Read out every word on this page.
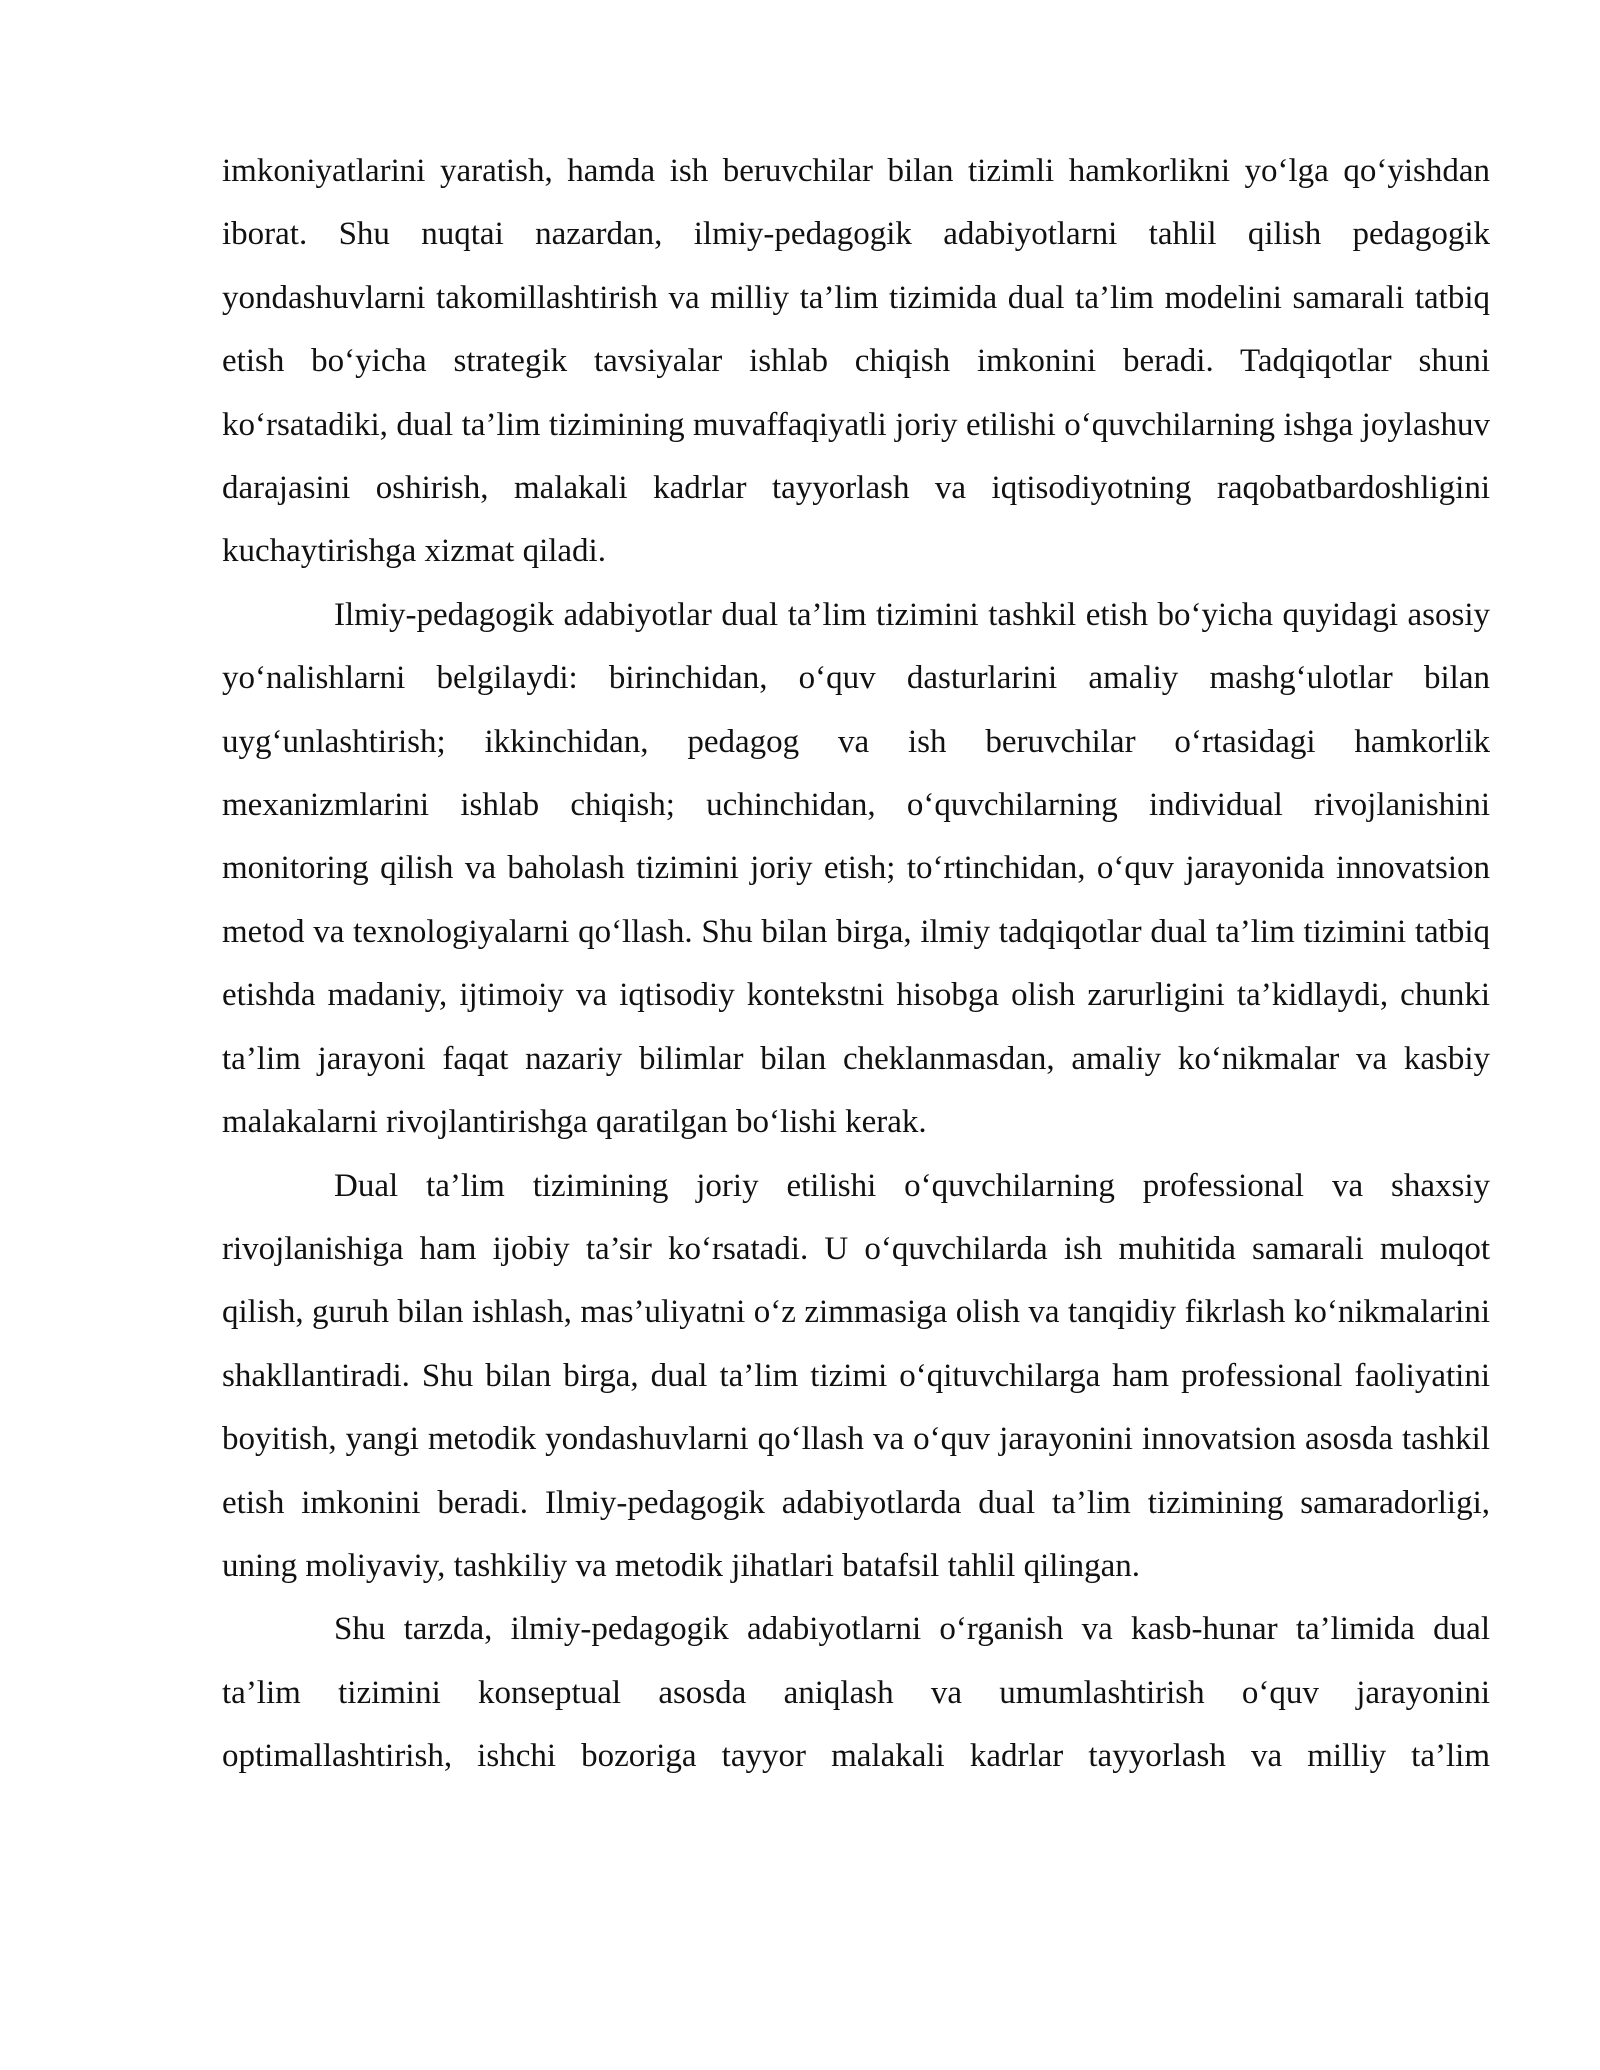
imkoniyatlarini yaratish, hamda ish beruvchilar bilan tizimli hamkorlikni yo‘lga qo‘yishdan iborat. Shu nuqtai nazardan, ilmiy-pedagogik adabiyotlarni tahlil qilish pedagogik yondashuvlarni takomillashtirish va milliy ta’lim tizimida dual ta’lim modelini samarali tatbiq etish bo‘yicha strategik tavsiyalar ishlab chiqish imkonini beradi. Tadqiqotlar shuni ko‘rsatadiki, dual ta’lim tizimining muvaffaqiyatli joriy etilishi o‘quvchilarning ishga joylashuv darajasini oshirish, malakali kadrlar tayyorlash va iqtisodiyotning raqobatbardoshligini kuchaytirishga xizmat qiladi.

Ilmiy-pedagogik adabiyotlar dual ta’lim tizimini tashkil etish bo‘yicha quyidagi asosiy yo‘nalishlarni belgilaydi: birinchidan, o‘quv dasturlarini amaliy mashg‘ulotlar bilan uyg‘unlashtirish; ikkinchidan, pedagog va ish beruvchilar o‘rtasidagi hamkorlik mexanizmlarini ishlab chiqish; uchinchidan, o‘quvchilarning individual rivojlanishini monitoring qilish va baholash tizimini joriy etish; to‘rtinchidan, o‘quv jarayonida innovatsion metod va texnologiyalarni qo‘llash. Shu bilan birga, ilmiy tadqiqotlar dual ta’lim tizimini tatbiq etishda madaniy, ijtimoiy va iqtisodiy kontekstni hisobga olish zarurligini ta’kidlaydi, chunki ta’lim jarayoni faqat nazariy bilimlar bilan cheklanmasdan, amaliy ko‘nikmalar va kasbiy malakalarni rivojlantirishga qaratilgan bo‘lishi kerak.

Dual ta’lim tizimining joriy etilishi o‘quvchilarning professional va shaxsiy rivojlanishiga ham ijobiy ta’sir ko‘rsatadi. U o‘quvchilarda ish muhitida samarali muloqot qilish, guruh bilan ishlash, mas’uliyatni o‘z zimmasiga olish va tanqidiy fikrlash ko‘nikmalarini shakllantiradi. Shu bilan birga, dual ta’lim tizimi o‘qituvchilarga ham professional faoliyatini boyitish, yangi metodik yondashuvlarni qo‘llash va o‘quv jarayonini innovatsion asosda tashkil etish imkonini beradi. Ilmiy-pedagogik adabiyotlarda dual ta’lim tizimining samaradorligi, uning moliyaviy, tashkiliy va metodik jihatlari batafsil tahlil qilingan.

Shu tarzda, ilmiy-pedagogik adabiyotlarni o‘rganish va kasb-hunar ta’limida dual ta’lim tizimini konseptual asosda aniqlash va umumlashtirish o‘quv jarayonini optimallashtirish, ishchi bozoriga tayyor malakali kadrlar tayyorlash va milliy ta’lim
